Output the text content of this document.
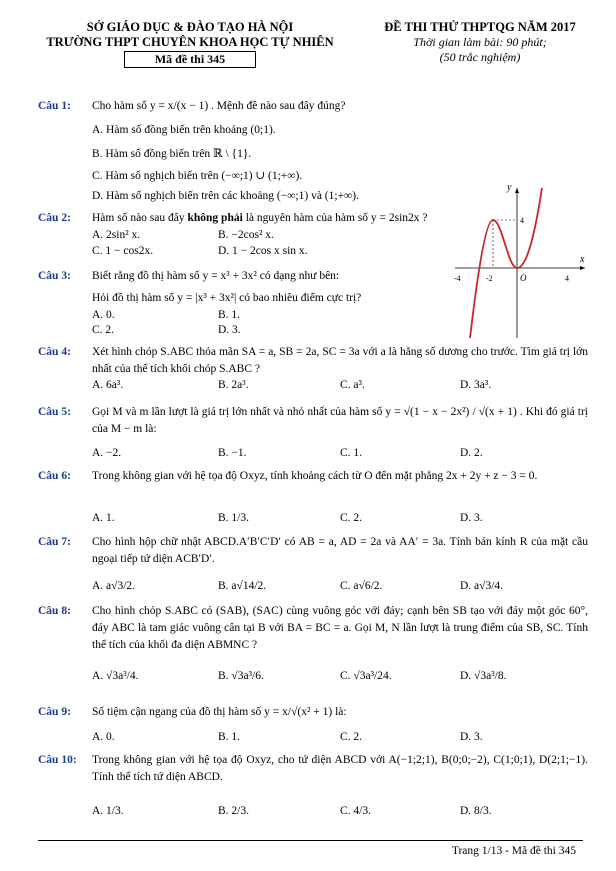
SỞ GIÁO DỤC & ĐÀO TẠO HÀ NỘI
TRƯỜNG THPT CHUYÊN KHOA HỌC TỰ NHIÊN
Mã đề thi 345
ĐỀ THI THỬ THPTQG NĂM 2017
Thời gian làm bài: 90 phút;
(50 trắc nghiệm)
Câu 1: Cho hàm số y = x/(x − 1) . Mệnh đề nào sau đây đúng?
A. Hàm số đồng biến trên khoảng (0;1).
B. Hàm số đồng biến trên ℝ \ {1}.
C. Hàm số nghịch biến trên (−∞;1) ∪ (1;+∞).
D. Hàm số nghịch biến trên các khoảng (−∞;1) và (1;+∞).
Câu 2: Hàm số nào sau đây không phải là nguyên hàm của hàm số y = 2sin2x ?
A. 2sin² x.	B. −2cos² x.
C. 1 − cos2x.	D. 1 − 2cos x sin x.
Câu 3: Biết rằng đồ thị hàm số y = x³ + 3x² có dạng như bên:
Hỏi đồ thị hàm số y = |x³ + 3x²| có bao nhiêu điểm cực trị?
A. 0.	B. 1.
C. 2.	D. 3.
y
x
O
4
-4	-2	4
Câu 4: Xét hình chóp S.ABC thỏa mãn SA = a, SB = 2a, SC = 3a với a là hằng số dương cho trước. Tìm giá trị lớn nhất của thể tích khối chóp S.ABC ?
A. 6a³.	B. 2a³.	C. a³.	D. 3a³.
Câu 5: Gọi M và m lần lượt là giá trị lớn nhất và nhỏ nhất của hàm số y = √(1 − x − 2x²) / √(x + 1) . Khi đó giá trị của M − m là:
A. −2.	B. −1.	C. 1.	D. 2.
Câu 6: Trong không gian với hệ tọa độ Oxyz, tính khoảng cách từ O đến mặt phẳng 2x + 2y + z − 3 = 0.
A. 1.	B. 1/3.	C. 2.	D. 3.
Câu 7: Cho hình hộp chữ nhật ABCD.A′B′C′D′ có AB = a, AD = 2a và AA′ = 3a. Tính bán kính R của mặt cầu ngoại tiếp tứ diện ACB′D′.
A. a√3/2.	B. a√14/2.	C. a√6/2.	D. a√3/4.
Câu 8: Cho hình chóp S.ABC có (SAB), (SAC) cùng vuông góc với đáy; cạnh bên SB tạo với đáy một góc 60°, đáy ABC là tam giác vuông cân tại B với BA = BC = a. Gọi M, N lần lượt là trung điểm của SB, SC. Tính thể tích của khối đa diện ABMNC ?
A. √3a³/4.	B. √3a³/6.	C. √3a³/24.	D. √3a³/8.
Câu 9: Số tiệm cận ngang của đồ thị hàm số y = x/√(x² + 1) là:
A. 0.	B. 1.	C. 2.	D. 3.
Câu 10: Trong không gian với hệ tọa độ Oxyz, cho tứ diện ABCD với A(−1;2;1), B(0;0;−2), C(1;0;1), D(2;1;−1). Tính thể tích tứ diện ABCD.
A. 1/3.	B. 2/3.	C. 4/3.	D. 8/3.
Trang 1/13 - Mã đề thi 345
